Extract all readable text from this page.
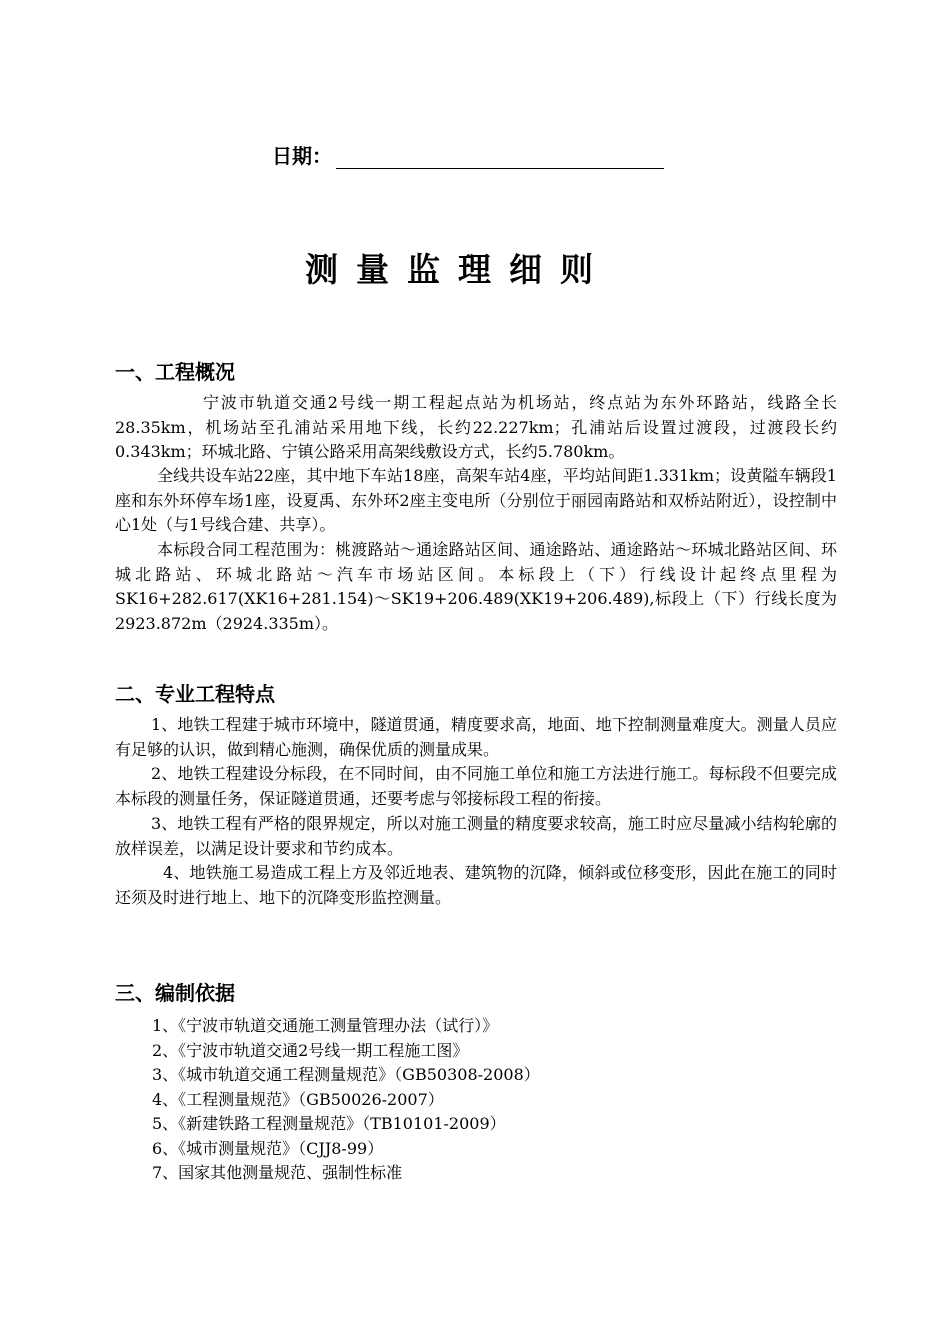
日期：
测量监理细则
一、工程概况

宁波市轨道交通2号线一期工程起点站为机场站，终点站为东外环路站，线路全长28.35km，机场站至孔浦站采用地下线，长约22.227km；孔浦站后设置过渡段，过渡段长约0.343km；环城北路、宁镇公路采用高架线敷设方式，长约5.780km。

全线共设车站22座，其中地下车站18座，高架车站4座，平均站间距1.331km；设黄隘车辆段1座和东外环停车场1座，设夏禹、东外环2座主变电所（分别位于丽园南路站和双桥站附近），设控制中心1处（与1号线合建、共享）。

本标段合同工程范围为：桃渡路站～通途路站区间、通途路站、通途路站～环城北路站区间、环城北路站、环城北路站～汽车市场站区间。本标段上（下）行线设计起终点里程为SK16+282.617(XK16+281.154)～SK19+206.489(XK19+206.489),标段上（下）行线长度为2923.872m（2924.335m）。

二、专业工程特点

1、地铁工程建于城市环境中，隧道贯通，精度要求高，地面、地下控制测量难度大。测量人员应有足够的认识，做到精心施测，确保优质的测量成果。

2、地铁工程建设分标段，在不同时间，由不同施工单位和施工方法进行施工。每标段不但要完成本标段的测量任务，保证隧道贯通，还要考虑与邻接标段工程的衔接。

3、地铁工程有严格的限界规定，所以对施工测量的精度要求较高，施工时应尽量减小结构轮廓的放样误差，以满足设计要求和节约成本。

4、地铁施工易造成工程上方及邻近地表、建筑物的沉降，倾斜或位移变形，因此在施工的同时还须及时进行地上、地下的沉降变形监控测量。

三、编制依据
1、《宁波市轨道交通施工测量管理办法（试行）》
2、《宁波市轨道交通2号线一期工程施工图》
3、《城市轨道交通工程测量规范》（GB50308-2008）
4、《工程测量规范》（GB50026-2007）
5、《新建铁路工程测量规范》（TB10101-2009）
6、《城市测量规范》（CJJ8-99）
7、国家其他测量规范、强制性标准
